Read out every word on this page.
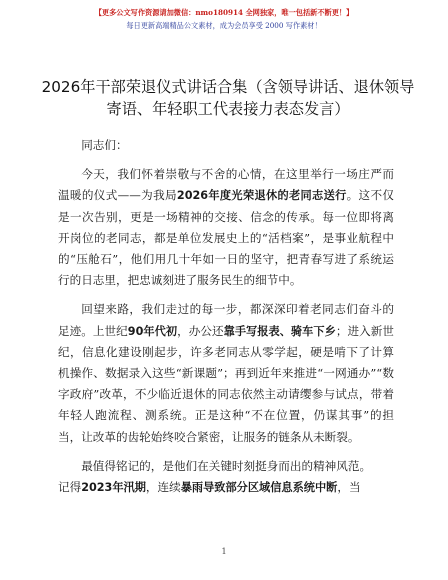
【更多公文写作资源请加微信：nmo180914 全网独家，唯一包括新不断更！】
每日更新高端精品公文素材，成为会员享受 2000 写作素材！
2026年干部荣退仪式讲话合集（含领导讲话、退休领导寄语、年轻职工代表接力表态发言）

同志们：

今天，我们怀着崇敬与不舍的心情，在这里举行一场庄严而温暖的仪式——为我局2026年度光荣退休的老同志送行。这不仅是一次告别，更是一场精神的交接、信念的传承。每一位即将离开岗位的老同志，都是单位发展史上的“活档案”，是事业航程中的“压舱石”，他们用几十年如一日的坚守，把青春写进了系统运行的日志里，把忠诚刻进了服务民生的细节中。

回望来路，我们走过的每一步，都深深印着老同志们奋斗的足迹。上世纪90年代初，办公还靠手写报表、骑车下乡；进入新世纪，信息化建设刚起步，许多老同志从零学起，硬是啃下了计算机操作、数据录入这些“新课题”；再到近年来推进“一网通办”“数字政府”改革，不少临近退休的同志依然主动请缨参与试点，带着年轻人跑流程、测系统。正是这种“不在位置，仍谋其事”的担当，让改革的齿轮始终咬合紧密，让服务的链条从未断裂。

最值得铭记的，是他们在关键时刻挺身而出的精神风范。

记得2023年汛期，连续暴雨导致部分区域信息系统中断，当

1
